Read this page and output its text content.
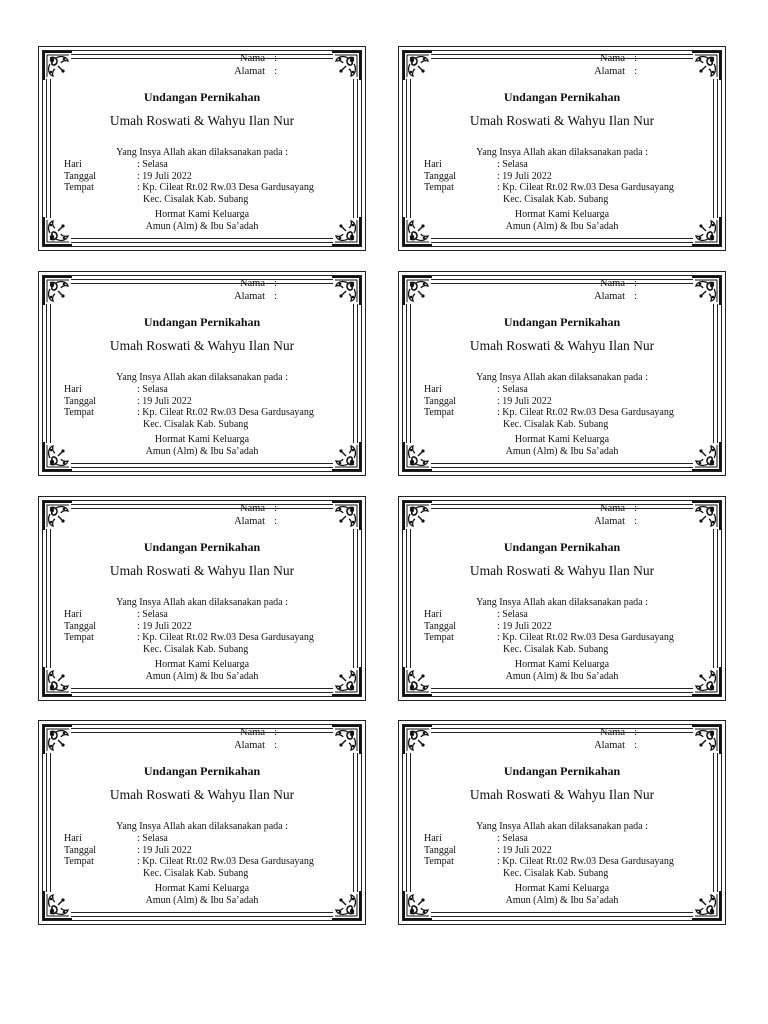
Nama :
Alamat :
Undangan Pernikahan
Umah Roswati & Wahyu Ilan Nur
Yang Insya Allah akan dilaksanakan pada :
Hari	: Selasa
Tanggal	: 19 Juli 2022
Tempat	: Kp. Cileat Rt.02 Rw.03 Desa Gardusayang
Kec. Cisalak Kab. Subang
Hormat Kami Keluarga
Amun (Alm) & Ibu Sa’adah
Nama :
Alamat :
Undangan Pernikahan
Umah Roswati & Wahyu Ilan Nur
Yang Insya Allah akan dilaksanakan pada :
Hari	: Selasa
Tanggal	: 19 Juli 2022
Tempat	: Kp. Cileat Rt.02 Rw.03 Desa Gardusayang
Kec. Cisalak Kab. Subang
Hormat Kami Keluarga
Amun (Alm) & Ibu Sa’adah
Nama :
Alamat :
Undangan Pernikahan
Umah Roswati & Wahyu Ilan Nur
Yang Insya Allah akan dilaksanakan pada :
Hari	: Selasa
Tanggal	: 19 Juli 2022
Tempat	: Kp. Cileat Rt.02 Rw.03 Desa Gardusayang
Kec. Cisalak Kab. Subang
Hormat Kami Keluarga
Amun (Alm) & Ibu Sa’adah
Nama :
Alamat :
Undangan Pernikahan
Umah Roswati & Wahyu Ilan Nur
Yang Insya Allah akan dilaksanakan pada :
Hari	: Selasa
Tanggal	: 19 Juli 2022
Tempat	: Kp. Cileat Rt.02 Rw.03 Desa Gardusayang
Kec. Cisalak Kab. Subang
Hormat Kami Keluarga
Amun (Alm) & Ibu Sa’adah
Nama :
Alamat :
Undangan Pernikahan
Umah Roswati & Wahyu Ilan Nur
Yang Insya Allah akan dilaksanakan pada :
Hari	: Selasa
Tanggal	: 19 Juli 2022
Tempat	: Kp. Cileat Rt.02 Rw.03 Desa Gardusayang
Kec. Cisalak Kab. Subang
Hormat Kami Keluarga
Amun (Alm) & Ibu Sa’adah
Nama :
Alamat :
Undangan Pernikahan
Umah Roswati & Wahyu Ilan Nur
Yang Insya Allah akan dilaksanakan pada :
Hari	: Selasa
Tanggal	: 19 Juli 2022
Tempat	: Kp. Cileat Rt.02 Rw.03 Desa Gardusayang
Kec. Cisalak Kab. Subang
Hormat Kami Keluarga
Amun (Alm) & Ibu Sa’adah
Nama :
Alamat :
Undangan Pernikahan
Umah Roswati & Wahyu Ilan Nur
Yang Insya Allah akan dilaksanakan pada :
Hari	: Selasa
Tanggal	: 19 Juli 2022
Tempat	: Kp. Cileat Rt.02 Rw.03 Desa Gardusayang
Kec. Cisalak Kab. Subang
Hormat Kami Keluarga
Amun (Alm) & Ibu Sa’adah
Nama :
Alamat :
Undangan Pernikahan
Umah Roswati & Wahyu Ilan Nur
Yang Insya Allah akan dilaksanakan pada :
Hari	: Selasa
Tanggal	: 19 Juli 2022
Tempat	: Kp. Cileat Rt.02 Rw.03 Desa Gardusayang
Kec. Cisalak Kab. Subang
Hormat Kami Keluarga
Amun (Alm) & Ibu Sa’adah
